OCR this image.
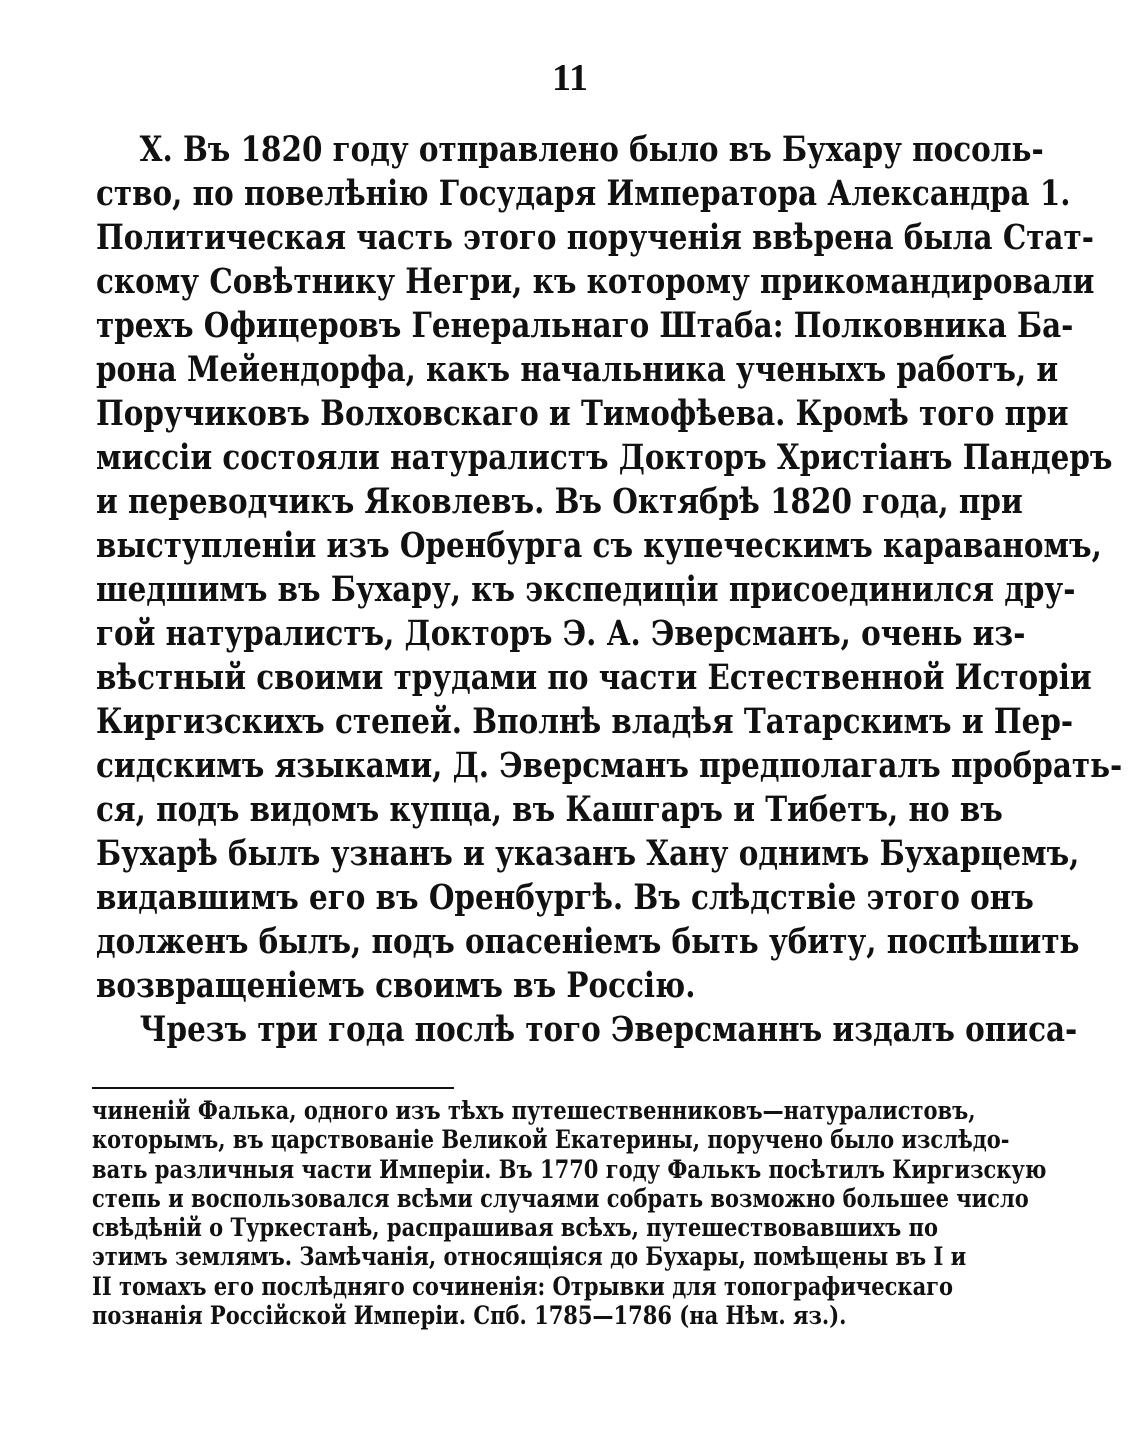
11
X. Въ 1820 году отправлено было въ Бухару посоль-
ство, по повелѣнію Государя Императора Александра 1.
Политическая часть этого порученія ввѣрена была Стат-
скому Совѣтнику Негри, къ которому прикомандировали
трехъ Офицеровъ Генеральнаго Штаба: Полковника Ба-
рона Мейендорфа, какъ начальника ученыхъ работъ, и
Поручиковъ Волховскаго и Тимофѣева. Кромѣ того при
миссіи состояли натуралистъ Докторъ Христіанъ Пандеръ
и переводчикъ Яковлевъ. Въ Октябрѣ 1820 года, при
выступленіи изъ Оренбурга съ купеческимъ караваномъ,
шедшимъ въ Бухару, къ экспедиціи присоединился дру-
гой натуралистъ, Докторъ Э. А. Эверсманъ, очень из-
вѣстный своими трудами по части Естественной Исторіи
Киргизскихъ степей. Вполнѣ владѣя Татарскимъ и Пер-
сидскимъ языками, Д. Эверсманъ предполагалъ пробрать-
ся, подъ видомъ купца, въ Кашгаръ и Тибетъ, но въ
Бухарѣ былъ узнанъ и указанъ Хану однимъ Бухарцемъ,
видавшимъ его въ Оренбургѣ. Въ слѣдствіе этого онъ
долженъ былъ, подъ опасеніемъ быть убиту, поспѣшить
возвращеніемъ своимъ въ Россію.
Чрезъ три года послѣ того Эверсманнъ издалъ описа-
чиненій Фалька, одного изъ тѣхъ путешественниковъ—натуралистовъ,
которымъ, въ царствованіе Великой Екатерины, поручено было изслѣдо-
вать различныя части Имперіи. Въ 1770 году Фалькъ посѣтилъ Киргизскую
степь и воспользовался всѣми случаями собрать возможно большее число
свѣдѣній о Туркестанѣ, распрашивая всѣхъ, путешествовавшихъ по
этимъ землямъ. Замѣчанія, относящіяся до Бухары, помѣщены въ I и
II томахъ его послѣдняго сочиненія: Отрывки для топографическаго
познанія Россійской Имперіи. Спб. 1785—1786 (на Нѣм. яз.).
